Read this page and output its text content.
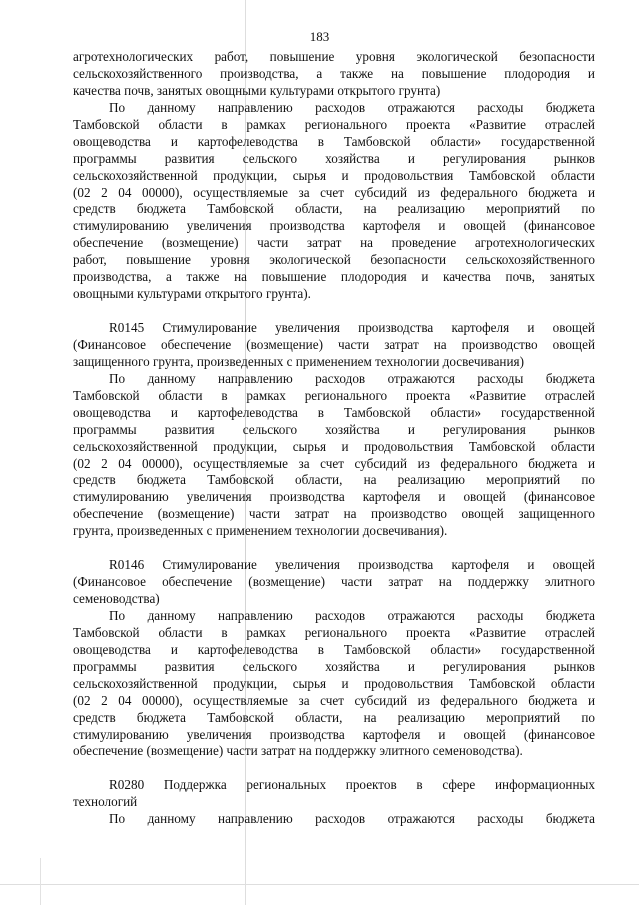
183
агротехнологических работ, повышение уровня экологической безопасности
сельскохозяйственного производства, а также на повышение плодородия и
качества почв, занятых овощными культурами открытого грунта)
По данному направлению расходов отражаются расходы бюджета
Тамбовской области в рамках регионального проекта «Развитие отраслей
овощеводства и картофелеводства в Тамбовской области» государственной
программы развития сельского хозяйства и регулирования рынков
сельскохозяйственной продукции, сырья и продовольствия Тамбовской области
(02 2 04 00000), осуществляемые за счет субсидий из федерального бюджета и
средств бюджета Тамбовской области, на реализацию мероприятий по
стимулированию увеличения производства картофеля и овощей (финансовое
обеспечение (возмещение) части затрат на проведение агротехнологических
работ, повышение уровня экологической безопасности сельскохозяйственного
производства, а также на повышение плодородия и качества почв, занятых
овощными культурами открытого грунта).
R0145 Стимулирование увеличения производства картофеля и овощей
(Финансовое обеспечение (возмещение) части затрат на производство овощей
защищенного грунта, произведенных с применением технологии досвечивания)
По данному направлению расходов отражаются расходы бюджета
Тамбовской области в рамках регионального проекта «Развитие отраслей
овощеводства и картофелеводства в Тамбовской области» государственной
программы развития сельского хозяйства и регулирования рынков
сельскохозяйственной продукции, сырья и продовольствия Тамбовской области
(02 2 04 00000), осуществляемые за счет субсидий из федерального бюджета и
средств бюджета Тамбовской области, на реализацию мероприятий по
стимулированию увеличения производства картофеля и овощей (финансовое
обеспечение (возмещение) части затрат на производство овощей защищенного
грунта, произведенных с применением технологии досвечивания).
R0146 Стимулирование увеличения производства картофеля и овощей
(Финансовое обеспечение (возмещение) части затрат на поддержку элитного
семеноводства)
По данному направлению расходов отражаются расходы бюджета
Тамбовской области в рамках регионального проекта «Развитие отраслей
овощеводства и картофелеводства в Тамбовской области» государственной
программы развития сельского хозяйства и регулирования рынков
сельскохозяйственной продукции, сырья и продовольствия Тамбовской области
(02 2 04 00000), осуществляемые за счет субсидий из федерального бюджета и
средств бюджета Тамбовской области, на реализацию мероприятий по
стимулированию увеличения производства картофеля и овощей (финансовое
обеспечение (возмещение) части затрат на поддержку элитного семеноводства).
R0280 Поддержка региональных проектов в сфере информационных
технологий
По данному направлению расходов отражаются расходы бюджета
